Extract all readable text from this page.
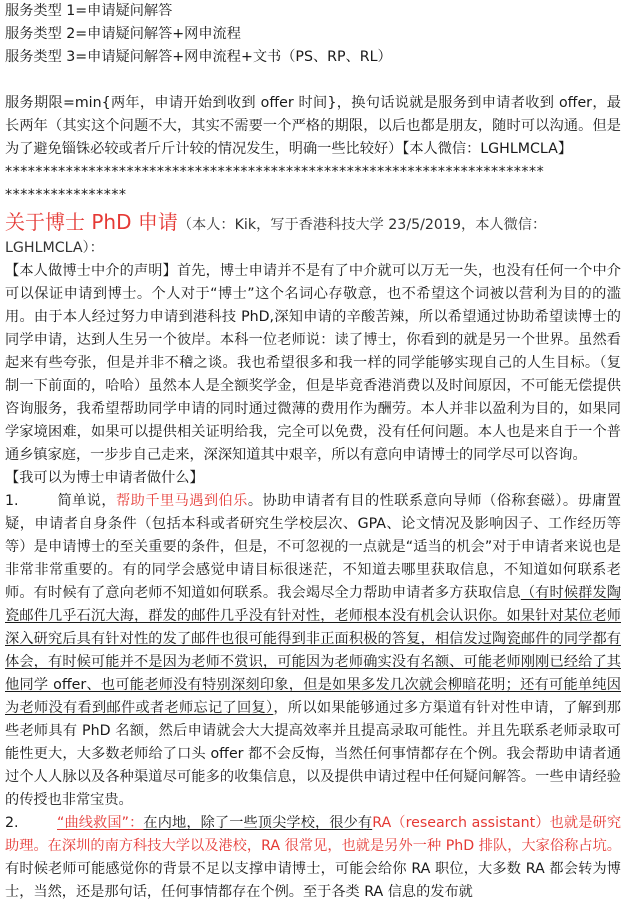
服务类型 1=申请疑问解答
服务类型 2=申请疑问解答+网申流程
服务类型 3=申请疑问解答+网申流程+文书（PS、RP、RL）

服务期限=min{两年，申请开始到收到 offer 时间}，换句话说就是服务到申请者收到 offer，最长两年（其实这个问题不大，其实不需要一个严格的期限，以后也都是朋友，随时可以沟通。但是为了避免锱铢必较或者斤斤计较的情况发生，明确一些比较好）【本人微信：LGHLMCLA】

***********************************************************************
****************
关于博士 PhD 申请（本人：Kik，写于香港科技大学 23/5/2019，本人微信：LGHLMCLA）：

【本人做博士中介的声明】首先，博士申请并不是有了中介就可以万无一失，也没有任何一个中介可以保证申请到博士。个人对于“博士”这个名词心存敬意，也不希望这个词被以营利为目的的滥用。由于本人经过努力申请到港科技 PhD,深知申请的辛酸苦辣，所以希望通过协助希望读博士的同学申请，达到人生另一个彼岸。本科一位老师说：读了博士，你看到的就是另一个世界。虽然看起来有些夸张，但是并非不稽之谈。我也希望很多和我一样的同学能够实现自己的人生目标。（复制一下前面的，哈哈）虽然本人是全额奖学金，但是毕竟香港消费以及时间原因，不可能无偿提供咨询服务，我希望帮助同学申请的同时通过微薄的费用作为酬劳。本人并非以盈利为目的，如果同学家境困难，如果可以提供相关证明给我，完全可以免费，没有任何问题。本人也是来自于一个普通乡镇家庭，一步步自己走来，深深知道其中艰辛，所以有意向申请博士的同学尽可以咨询。

【我可以为博士申请者做什么】

1.	简单说，帮助千里马遇到伯乐。协助申请者有目的性联系意向导师（俗称套磁）。毋庸置疑，申请者自身条件（包括本科或者研究生学校层次、GPA、论文情况及影响因子、工作经历等等）是申请博士的至关重要的条件，但是，不可忽视的一点就是“适当的机会”对于申请者来说也是非常非常重要的。有的同学会感觉申请目标很迷茫，不知道去哪里获取信息，不知道如何联系老师。有时候有了意向老师不知道如何联系。我会竭尽全力帮助申请者多方获取信息（有时候群发陶瓷邮件几乎石沉大海，群发的邮件几乎没有针对性，老师根本没有机会认识你。如果针对某位老师深入研究后具有针对性的发了邮件也很可能得到非正面积极的答复，相信发过陶瓷邮件的同学都有体会，有时候可能并不是因为老师不赏识，可能因为老师确实没有名额、可能老师刚刚已经给了其他同学 offer、也可能老师没有特别深刻印象，但是如果多发几次就会柳暗花明；还有可能单纯因为老师没有看到邮件或者老师忘记了回复），所以如果能够通过多方渠道有针对性申请，了解到那些老师具有 PhD 名额，然后申请就会大大提高效率并且提高录取可能性。并且先联系老师录取可能性更大，大多数老师给了口头 offer 都不会反悔，当然任何事情都存在个例。我会帮助申请者通过个人人脉以及各种渠道尽可能多的收集信息，以及提供申请过程中任何疑问解答。一些申请经验的传授也非常宝贵。

2.	“曲线救国”：在内地，除了一些顶尖学校，很少有RA（research assistant）也就是研究助理。在深圳的南方科技大学以及港校，RA 很常见，也就是另外一种 PhD 排队，大家俗称占坑。有时候老师可能感觉你的背景不足以支撑申请博士，可能会给你 RA 职位，大多数 RA 都会转为博士，当然，还是那句话，任何事情都存在个例。至于各类 RA 信息的发布就
